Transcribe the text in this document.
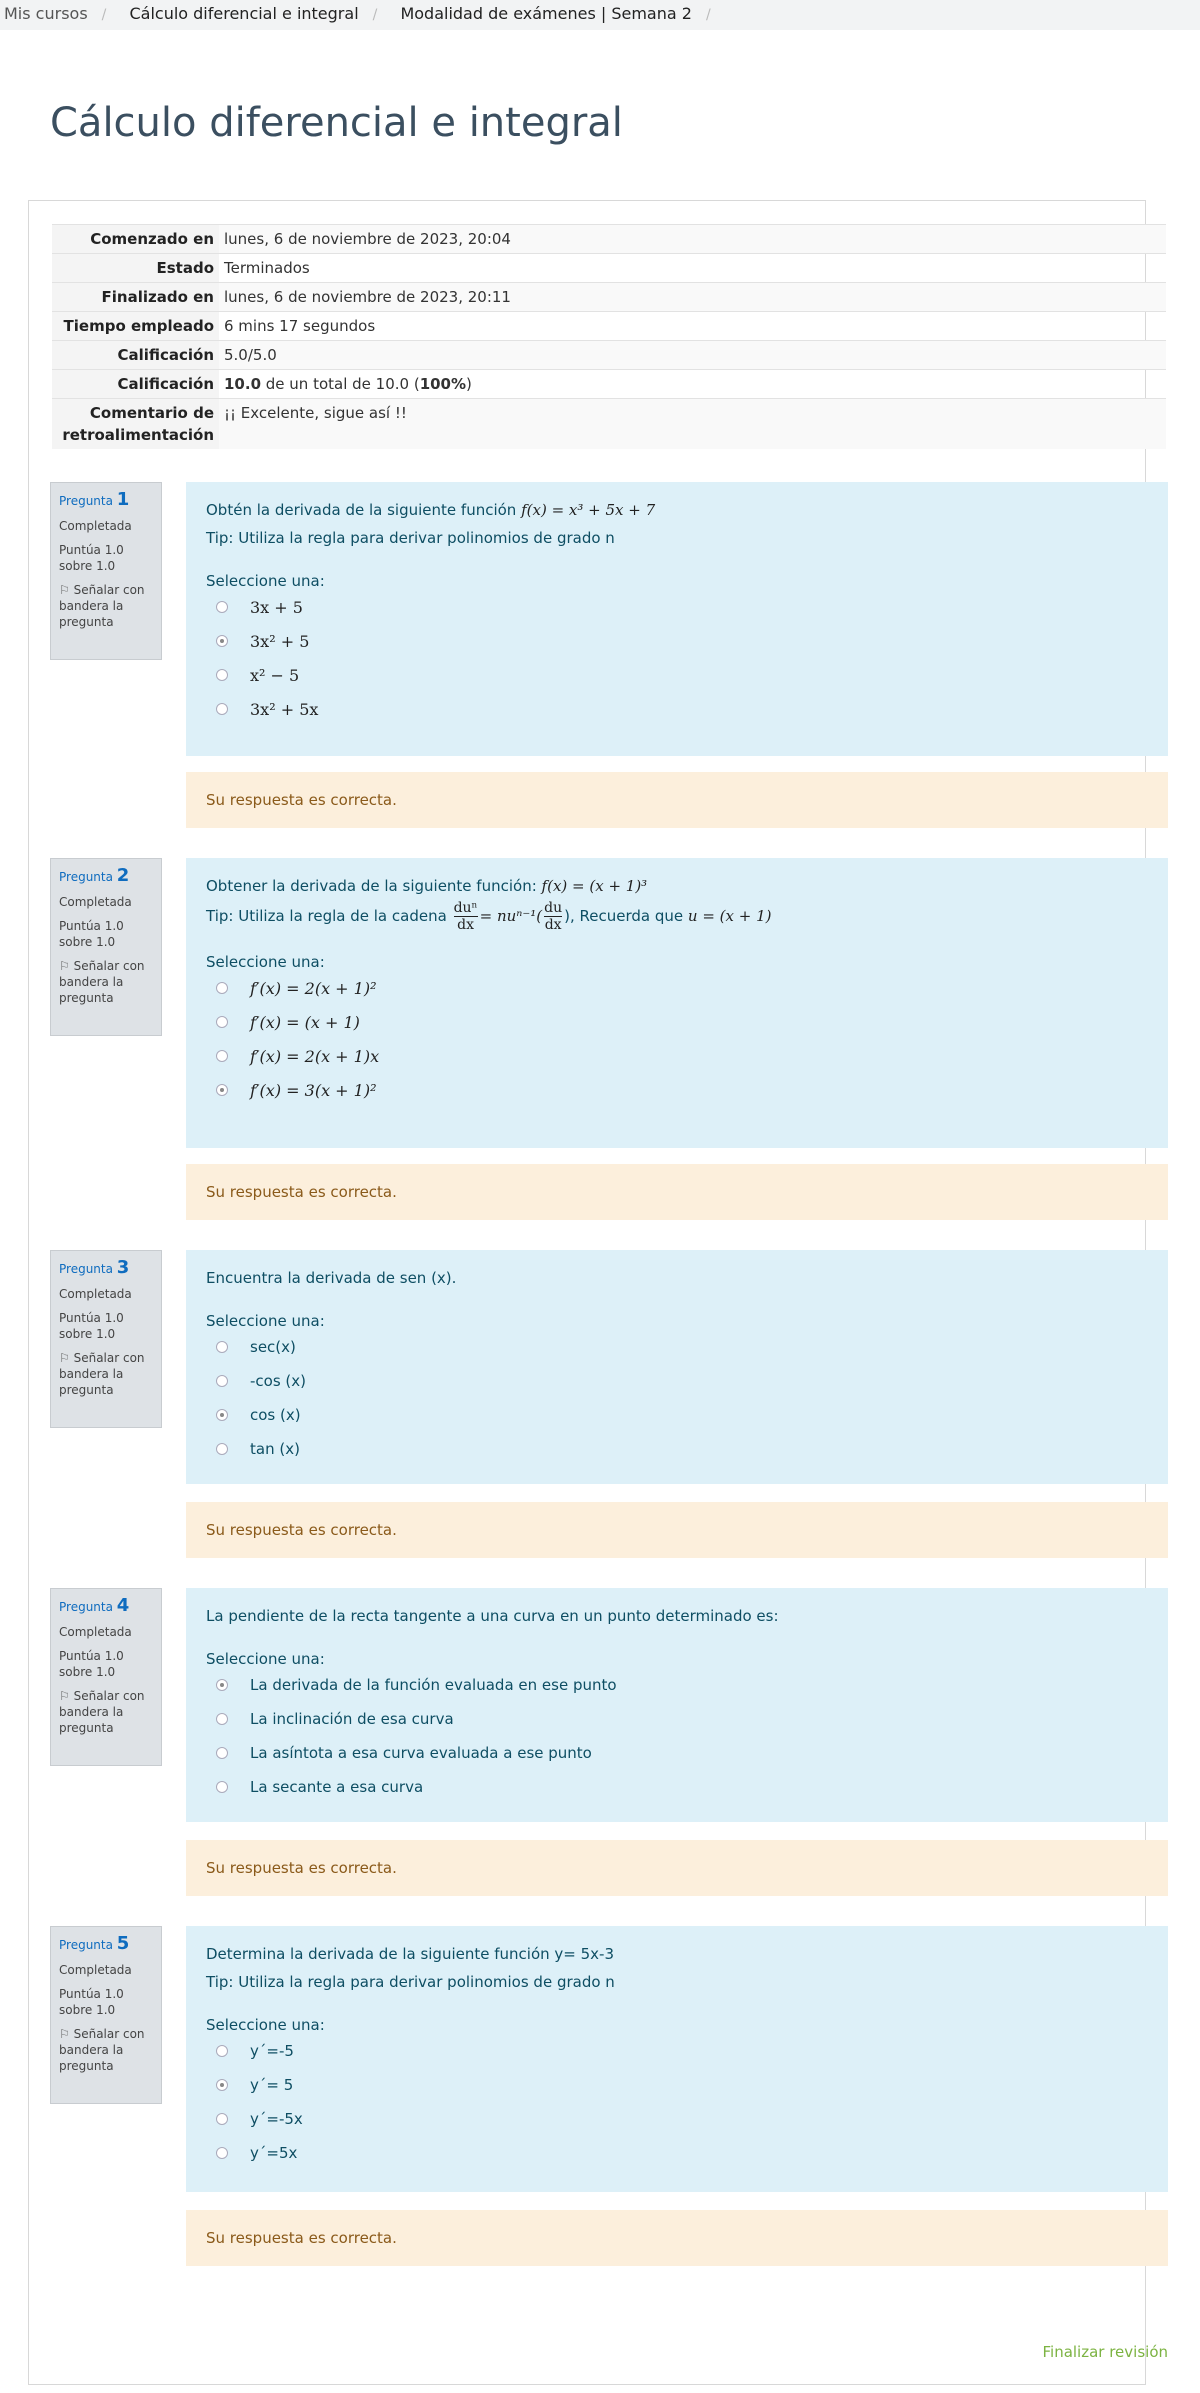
Mis cursos / Cálculo diferencial e integral / Modalidad de exámenes | Semana 2 /
Cálculo diferencial e integral
Comenzado en	lunes, 6 de noviembre de 2023, 20:04
Estado	Terminados
Finalizado en	lunes, 6 de noviembre de 2023, 20:11
Tiempo empleado	6 mins 17 segundos
Calificación	5.0/5.0
Calificación	10.0 de un total de 10.0 (100%)
Comentario de retroalimentación	¡¡ Excelente, sigue así !!
Pregunta 1
Completada
Puntúa 1.0 sobre 1.0
⚐ Señalar con bandera la pregunta
Obtén la derivada de la siguiente función f(x) = x³ + 5x + 7
Tip: Utiliza la regla para derivar polinomios de grado n
Seleccione una:
3x + 5
3x² + 5
x² − 5
3x² + 5x
Su respuesta es correcta.
Pregunta 2
Completada
Puntúa 1.0 sobre 1.0
⚐ Señalar con bandera la pregunta
Obtener la derivada de la siguiente función: f(x) = (x + 1)³
Tip: Utiliza la regla de la cadena $\frac{\text{duⁿ}}{dx} = nu^{n-1}( \frac{du}{dx}$ ), Recuerda que u = (x + 1)
Seleccione una:
f′(x) = 2(x + 1)²
f′(x) = (x + 1)
f′(x) = 2(x + 1)x
f′(x) = 3(x + 1)²
Su respuesta es correcta.
Pregunta 3
Completada
Puntúa 1.0 sobre 1.0
⚐ Señalar con bandera la pregunta
Encuentra la derivada de sen (x).
Seleccione una:
sec(x)
-cos (x)
cos (x)
tan (x)
Su respuesta es correcta.
Pregunta 4
Completada
Puntúa 1.0 sobre 1.0
⚐ Señalar con bandera la pregunta
La pendiente de la recta tangente a una curva en un punto determinado es:
Seleccione una:
La derivada de la función evaluada en ese punto
La inclinación de esa curva
La asíntota a esa curva evaluada a ese punto
La secante a esa curva
Su respuesta es correcta.
Pregunta 5
Completada
Puntúa 1.0 sobre 1.0
⚐ Señalar con bandera la pregunta
Determina la derivada de la siguiente función y= 5x-3
Tip: Utiliza la regla para derivar polinomios de grado n
Seleccione una:
y´=-5
y´= 5
y´=-5x
y´=5x
Su respuesta es correcta.
Finalizar revisión
